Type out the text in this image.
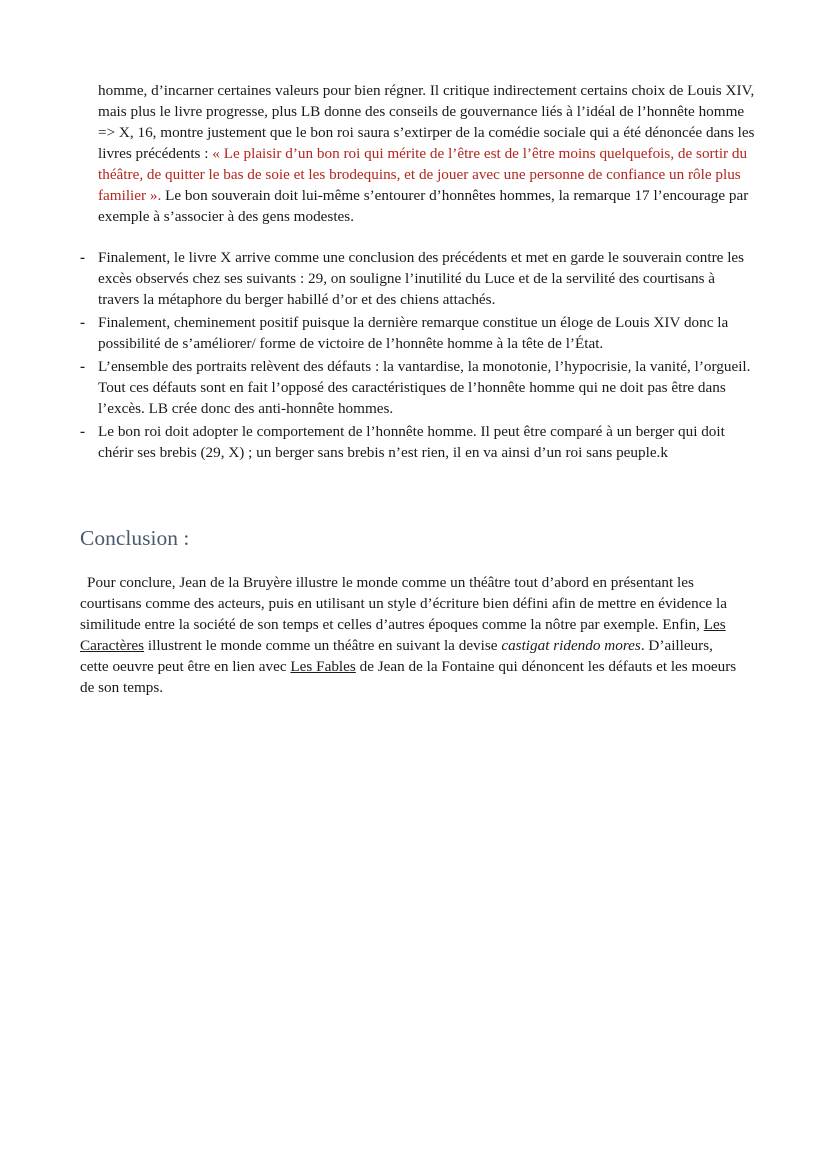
homme, d’incarner certaines valeurs pour bien régner. Il critique indirectement certains choix de Louis XIV, mais plus le livre progresse, plus LB donne des conseils de gouvernance liés à l’idéal de l’honnête homme => X, 16, montre justement que le bon roi saura s’extirper de la comédie sociale qui a été dénoncée dans les livres précédents : « Le plaisir d’un bon roi qui mérite de l’être est de l’être moins quelquefois, de sortir du théâtre, de quitter le bas de soie et les brodequins, et de jouer avec une personne de confiance un rôle plus familier ». Le bon souverain doit lui-même s’entourer d’honnêtes hommes, la remarque 17 l’encourage par exemple à s’associer à des gens modestes.
- Finalement, le livre X arrive comme une conclusion des précédents et met en garde le souverain contre les excès observés chez ses suivants : 29, on souligne l’inutilité du Luce et de la servilité des courtisans à travers la métaphore du berger habillé d’or et des chiens attachés.
- Finalement, cheminement positif puisque la dernière remarque constitue un éloge de Louis XIV donc la possibilité de s’améliorer/ forme de victoire de l’honnête homme à la tête de l’État.
- L’ensemble des portraits relèvent des défauts : la vantardise, la monotonie, l’hypocrisie, la vanité, l’orgueil. Tout ces défauts sont en fait l’opposé des caractéristiques de l’honnête homme qui ne doit pas être dans l’excès. LB crée donc des anti-honnête hommes.
- Le bon roi doit adopter le comportement de l’honnête homme. Il peut être comparé à un berger qui doit chérir ses brebis (29, X) ; un berger sans brebis n’est rien, il en va ainsi d’un roi sans peuple.k
Conclusion :

Pour conclure, Jean de la Bruyère illustre le monde comme un théâtre tout d’abord en présentant les courtisans comme des acteurs, puis en utilisant un style d’écriture bien défini afin de mettre en évidence la similitude entre la société de son temps et celles d’autres époques comme la nôtre par exemple. Enfin, Les Caractères illustrent le monde comme un théâtre en suivant la devise castigat ridendo mores. D’ailleurs, cette oeuvre peut être en lien avec Les Fables de Jean de la Fontaine qui dénoncent les défauts et les moeurs de son temps.
